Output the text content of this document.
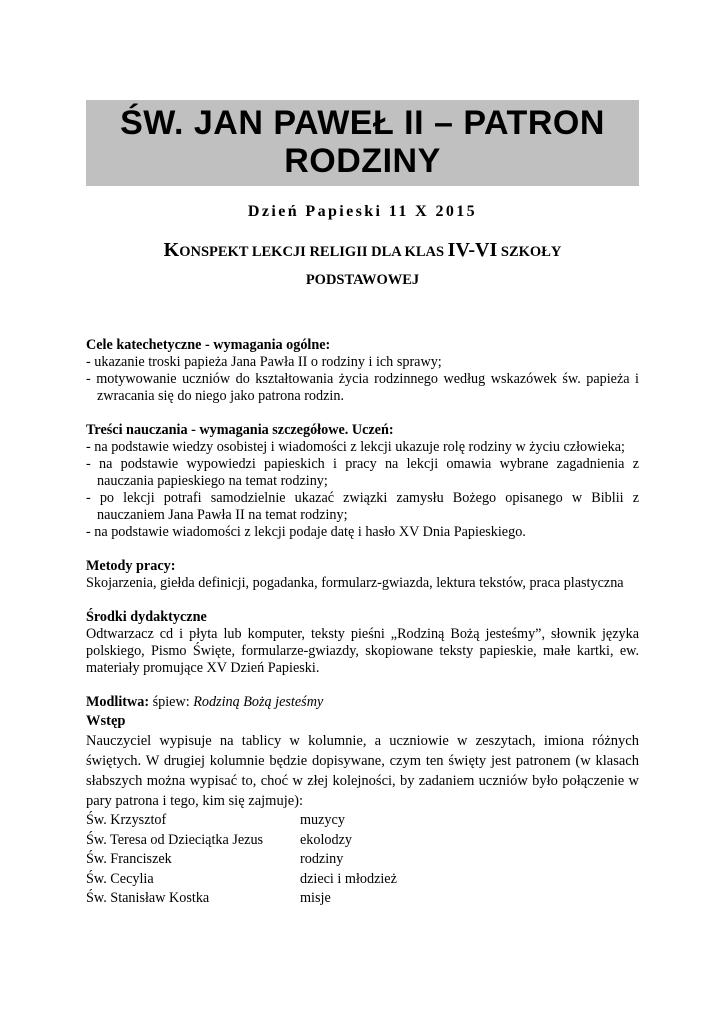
ŚW. JAN PAWEŁ II – PATRON
RODZINY
Dzień Papieski 11 X 2015
KONSPEKT LEKCJI RELIGII DLA KLAS IV-VI SZKOŁY
PODSTAWOWEJ
Cele katechetyczne - wymagania ogólne:
- ukazanie troski papieża Jana Pawła II o rodziny i ich sprawy;
- motywowanie uczniów do kształtowania życia rodzinnego według wskazówek św. papieża i zwracania się do niego jako patrona rodzin.
Treści nauczania - wymagania szczegółowe. Uczeń:
- na podstawie wiedzy osobistej i wiadomości z lekcji ukazuje rolę rodziny w życiu człowieka;
- na podstawie wypowiedzi papieskich i pracy na lekcji omawia wybrane zagadnienia z nauczania papieskiego na temat rodziny;
- po lekcji potrafi samodzielnie ukazać związki zamysłu Bożego opisanego w Biblii z nauczaniem Jana Pawła II na temat rodziny;
- na podstawie wiadomości z lekcji podaje datę i hasło XV Dnia Papieskiego.
Metody pracy:
Skojarzenia, giełda definicji, pogadanka, formularz-gwiazda, lektura tekstów, praca plastyczna
Środki dydaktyczne
Odtwarzacz cd i płyta lub komputer, teksty pieśni „Rodziną Bożą jesteśmy”, słownik języka polskiego, Pismo Święte, formularze-gwiazdy, skopiowane teksty papieskie, małe kartki, ew. materiały promujące XV Dzień Papieski.
Modlitwa: śpiew: Rodziną Bożą jesteśmy
Wstęp
Nauczyciel wypisuje na tablicy w kolumnie, a uczniowie w zeszytach, imiona różnych świętych. W drugiej kolumnie będzie dopisywane, czym ten święty jest patronem (w klasach słabszych można wypisać to, choć w złej kolejności, by zadaniem uczniów było połączenie w pary patrona i tego, kim się zajmuje):
Św. Krzysztof	muzycy
Św. Teresa od Dzieciątka Jezus	ekolodzy
Św. Franciszek	rodziny
Św. Cecylia	dzieci i młodzież
Św. Stanisław Kostka	misje
